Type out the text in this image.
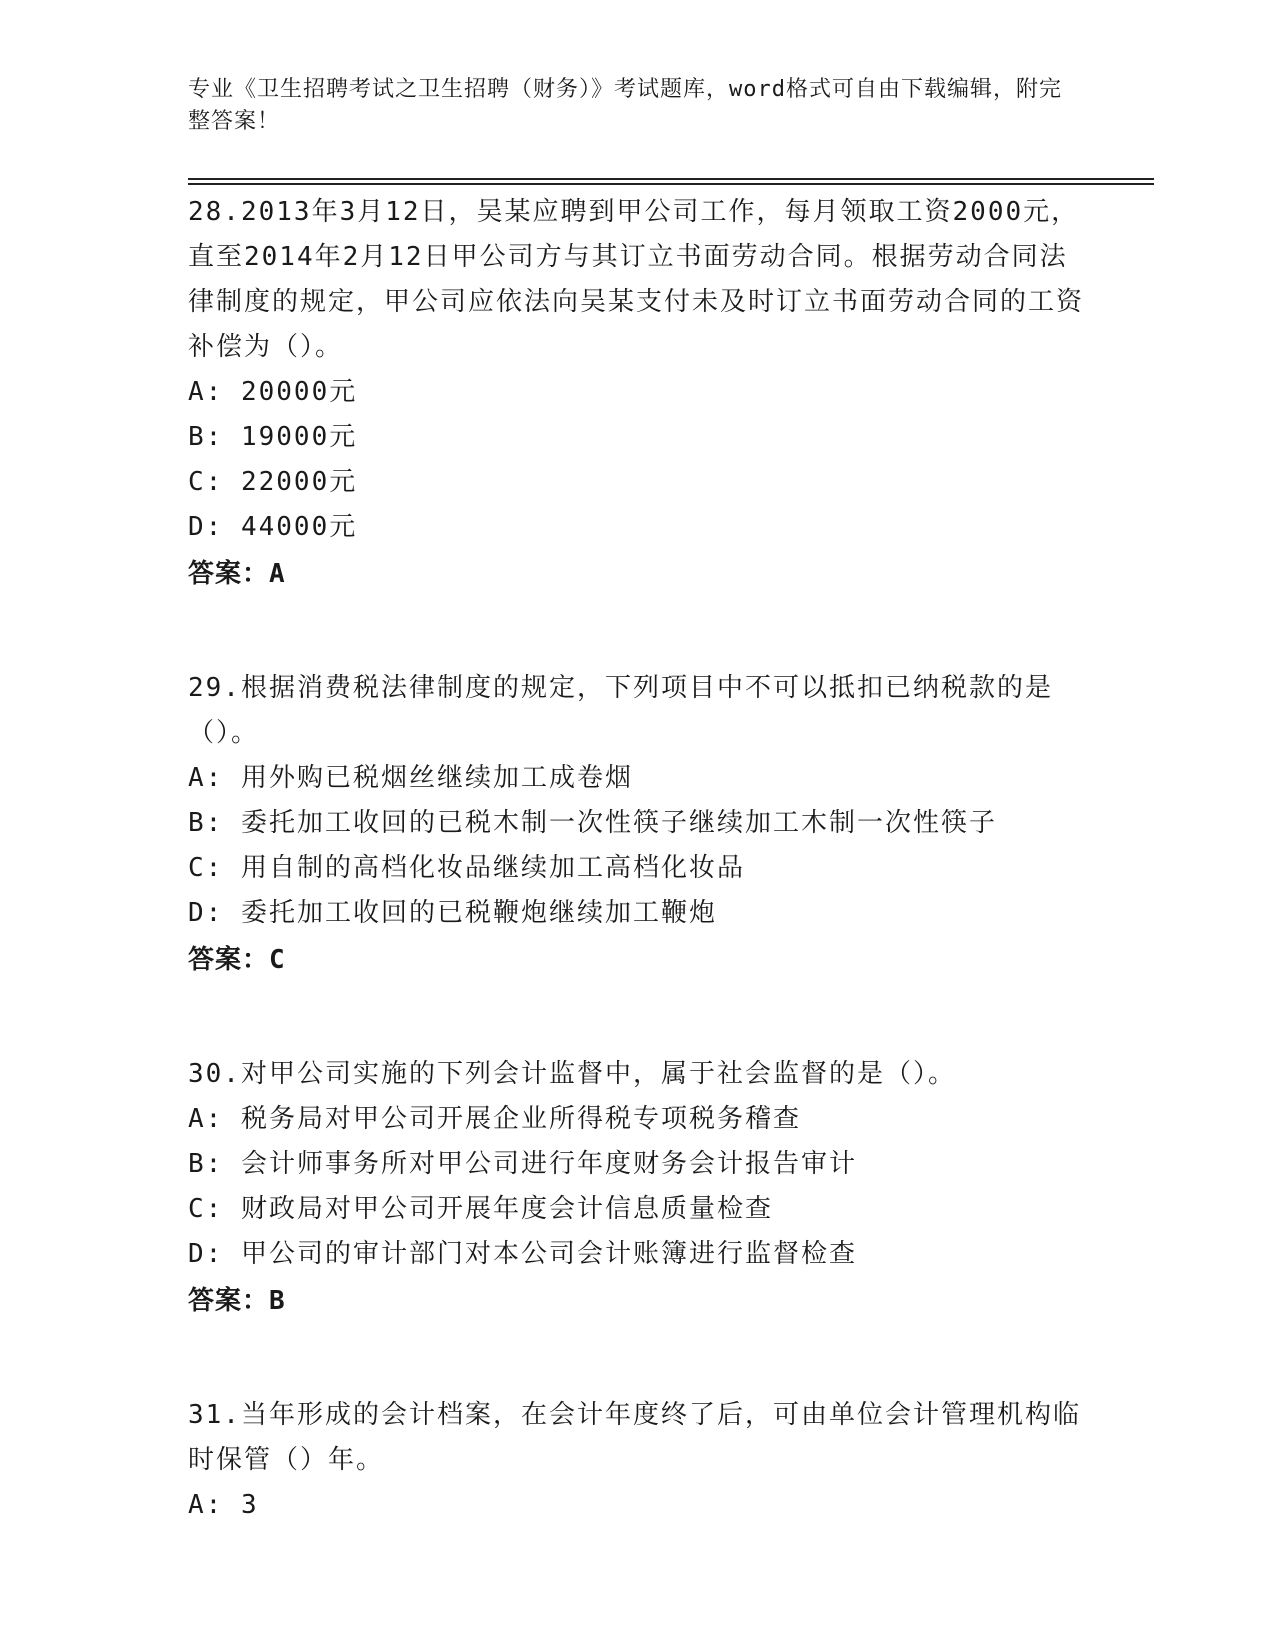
专业《卫生招聘考试之卫生招聘（财务）》考试题库，word格式可自由下载编辑，附完整答案！
28.2013年3月12日，吴某应聘到甲公司工作，每月领取工资2000元，直至2014年2月12日甲公司方与其订立书面劳动合同。根据劳动合同法律制度的规定，甲公司应依法向吴某支付未及时订立书面劳动合同的工资补偿为（）。
A: 20000元
B: 19000元
C: 22000元
D: 44000元
答案：A
29.根据消费税法律制度的规定，下列项目中不可以抵扣已纳税款的是（）。
A: 用外购已税烟丝继续加工成卷烟
B: 委托加工收回的已税木制一次性筷子继续加工木制一次性筷子
C: 用自制的高档化妆品继续加工高档化妆品
D: 委托加工收回的已税鞭炮继续加工鞭炮
答案：C
30.对甲公司实施的下列会计监督中，属于社会监督的是（）。
A: 税务局对甲公司开展企业所得税专项税务稽查
B: 会计师事务所对甲公司进行年度财务会计报告审计
C: 财政局对甲公司开展年度会计信息质量检查
D: 甲公司的审计部门对本公司会计账簿进行监督检查
答案：B
31.当年形成的会计档案，在会计年度终了后，可由单位会计管理机构临时保管（）年。
A: 3
